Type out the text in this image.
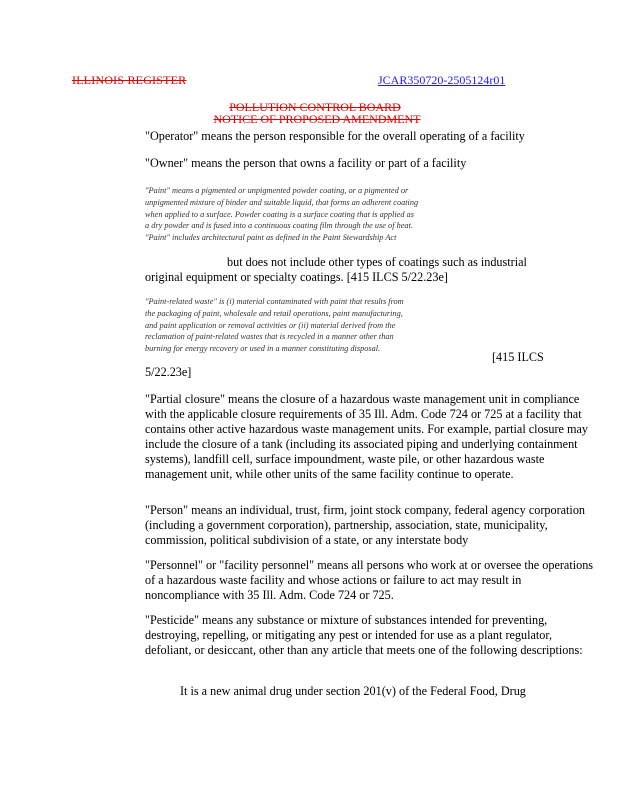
ILLINOIS REGISTER	JCAR350720-2505124r01
POLLUTION CONTROL BOARD
NOTICE OF PROPOSED AMENDMENT
"Operator" means the person responsible for the overall operating of a facility
"Owner" means the person that owns a facility or part of a facility
"Paint" means a pigmented or unpigmented powder coating, or a pigmented or unpigmented mixture of binder and suitable liquid, that forms an adherent coating when applied to a surface. Powder coating is a surface coating that is applied as a dry powder and is fused into a continuous coating film through the use of heat. "Paint" includes architectural paint as defined in the Paint Stewardship Act
but does not include other types of coatings such as industrial original equipment or specialty coatings. [415 ILCS 5/22.23e]
"Paint-related waste" is (i) material contaminated with paint that results from the packaging of paint, wholesale and retail operations, paint manufacturing, and paint application or removal activities or (ii) material derived from the reclamation of paint-related wastes that is recycled in a manner other than burning for energy recovery or used in a manner constituting disposal.
[415 ILCS
5/22.23e]
"Partial closure" means the closure of a hazardous waste management unit in compliance with the applicable closure requirements of 35 Ill. Adm. Code 724 or 725 at a facility that contains other active hazardous waste management units. For example, partial closure may include the closure of a tank (including its associated piping and underlying containment systems), landfill cell, surface impoundment, waste pile, or other hazardous waste management unit, while other units of the same facility continue to operate.
"Person" means an individual, trust, firm, joint stock company, federal agency corporation (including a government corporation), partnership, association, state, municipality, commission, political subdivision of a state, or any interstate body
"Personnel" or "facility personnel" means all persons who work at or oversee the operations of a hazardous waste facility and whose actions or failure to act may result in noncompliance with 35 Ill. Adm. Code 724 or 725.
"Pesticide" means any substance or mixture of substances intended for preventing, destroying, repelling, or mitigating any pest or intended for use as a plant regulator, defoliant, or desiccant, other than any article that meets one of the following descriptions:
It is a new animal drug under section 201(v) of the Federal Food, Drug
